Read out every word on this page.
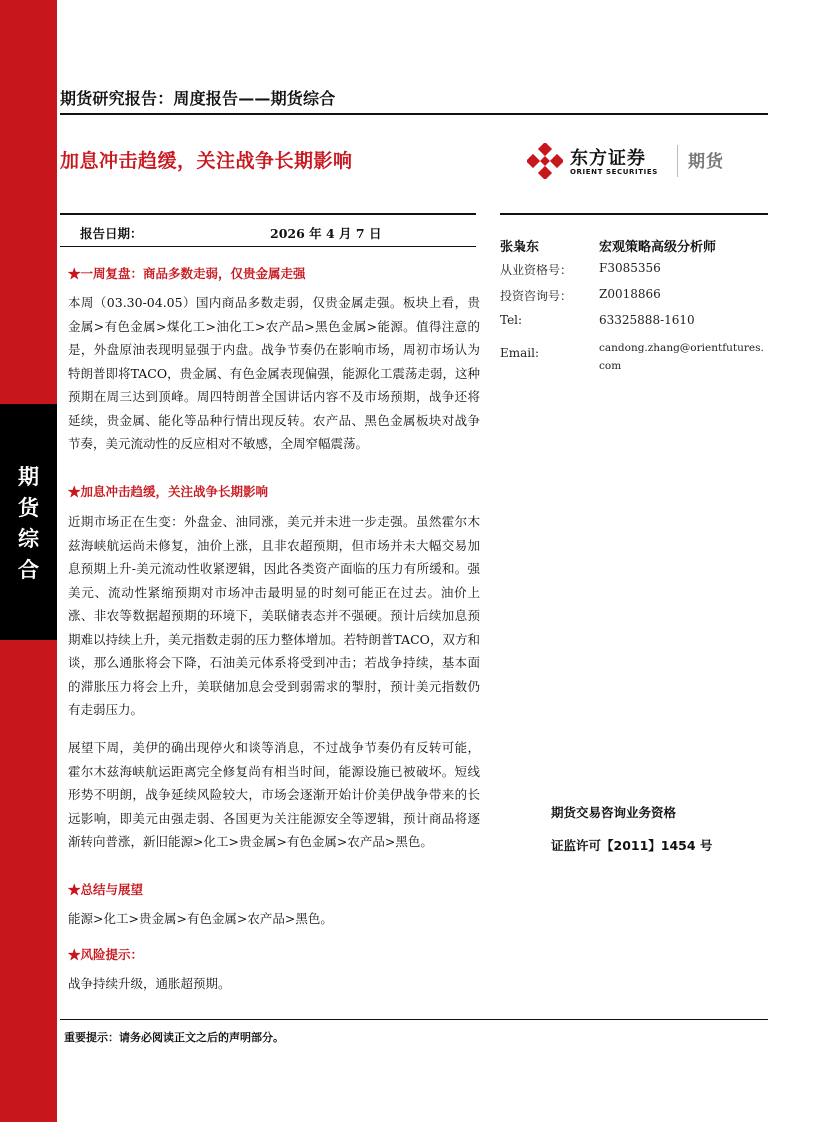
期
货
综
合
期货研究报告：周度报告——期货综合
加息冲击趋缓，关注战争长期影响	东方证券
ORIENT SECURITIES 期货
报告日期：	2026 年 4 月 7 日
张枭东	宏观策略高级分析师
从业资格号： F3085356
投资咨询号： Z0018866
Tel:	63325888-1610
Email:	candong.zhang@orientfutures.com
★一周复盘：商品多数走弱，仅贵金属走强
本周（03.30-04.05）国内商品多数走弱，仅贵金属走强。板块上看，贵金属>有色金属>煤化工>油化工>农产品>黑色金属>能源。值得注意的是，外盘原油表现明显强于内盘。战争节奏仍在影响市场，周初市场认为特朗普即将TACO，贵金属、有色金属表现偏强，能源化工震荡走弱，这种预期在周三达到顶峰。周四特朗普全国讲话内容不及市场预期，战争还将延续，贵金属、能化等品种行情出现反转。农产品、黑色金属板块对战争节奏，美元流动性的反应相对不敏感，全周窄幅震荡。
★加息冲击趋缓，关注战争长期影响
近期市场正在生变：外盘金、油同涨，美元并未进一步走强。虽然霍尔木兹海峡航运尚未修复，油价上涨，且非农超预期，但市场并未大幅交易加息预期上升-美元流动性收紧逻辑，因此各类资产面临的压力有所缓和。强美元、流动性紧缩预期对市场冲击最明显的时刻可能正在过去。油价上涨、非农等数据超预期的环境下，美联储表态并不强硬。预计后续加息预期难以持续上升，美元指数走弱的压力整体增加。若特朗普TACO，双方和谈，那么通胀将会下降，石油美元体系将受到冲击；若战争持续，基本面的滞胀压力将会上升，美联储加息会受到弱需求的掣肘，预计美元指数仍有走弱压力。
展望下周，美伊的确出现停火和谈等消息，不过战争节奏仍有反转可能，霍尔木兹海峡航运距离完全修复尚有相当时间，能源设施已被破坏。短线形势不明朗，战争延续风险较大，市场会逐渐开始计价美伊战争带来的长远影响，即美元由强走弱、各国更为关注能源安全等逻辑，预计商品将逐渐转向普涨，新旧能源>化工>贵金属>有色金属>农产品>黑色。
★总结与展望
能源>化工>贵金属>有色金属>农产品>黑色。
★风险提示：
战争持续升级，通胀超预期。
期货交易咨询业务资格
证监许可【2011】1454 号
重要提示：请务必阅读正文之后的声明部分。
